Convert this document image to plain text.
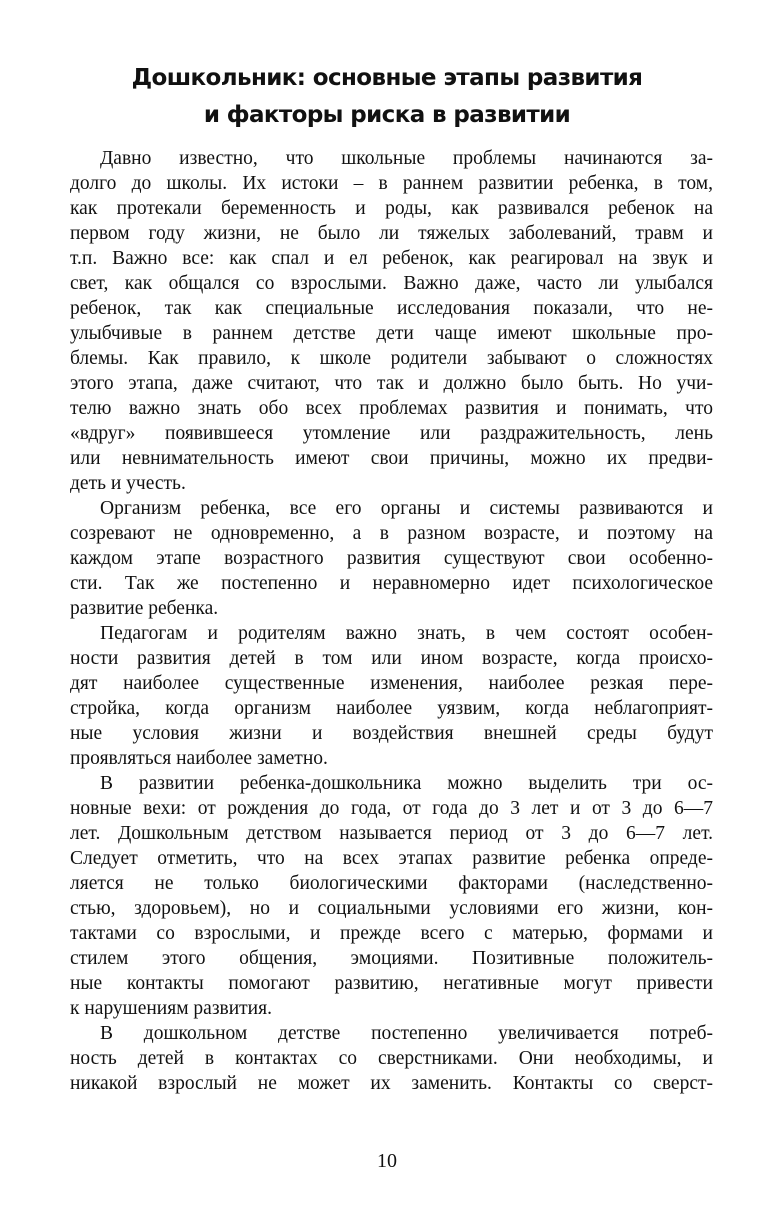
Дошкольник: основные этапы развития
и факторы риска в развитии
Давно известно, что школьные проблемы начинаются за-
долго до школы. Их истоки – в раннем развитии ребенка, в том,
как протекали беременность и роды, как развивался ребенок на
первом году жизни, не было ли тяжелых заболеваний, травм и
т.п. Важно все: как спал и ел ребенок, как реагировал на звук и
свет, как общался со взрослыми. Важно даже, часто ли улыбался
ребенок, так как специальные исследования показали, что не-
улыбчивые в раннем детстве дети чаще имеют школьные про-
блемы. Как правило, к школе родители забывают о сложностях
этого этапа, даже считают, что так и должно было быть. Но учи-
телю важно знать обо всех проблемах развития и понимать, что
«вдруг» появившееся утомление или раздражительность, лень
или невнимательность имеют свои причины, можно их предви-
деть и учесть.
Организм ребенка, все его органы и системы развиваются и
созревают не одновременно, а в разном возрасте, и поэтому на
каждом этапе возрастного развития существуют свои особенно-
сти. Так же постепенно и неравномерно идет психологическое
развитие ребенка.
Педагогам и родителям важно знать, в чем состоят особен-
ности развития детей в том или ином возрасте, когда происхо-
дят наиболее существенные изменения, наиболее резкая пере-
стройка, когда организм наиболее уязвим, когда неблагоприят-
ные условия жизни и воздействия внешней среды будут
проявляться наиболее заметно.
В развитии ребенка-дошкольника можно выделить три ос-
новные вехи: от рождения до года, от года до 3 лет и от 3 до 6—7
лет. Дошкольным детством называется период от 3 до 6—7 лет.
Следует отметить, что на всех этапах развитие ребенка опреде-
ляется не только биологическими факторами (наследственно-
стью, здоровьем), но и социальными условиями его жизни, кон-
тактами со взрослыми, и прежде всего с матерью, формами и
стилем этого общения, эмоциями. Позитивные положитель-
ные контакты помогают развитию, негативные могут привести
к нарушениям развития.
В дошкольном детстве постепенно увеличивается потреб-
ность детей в контактах со сверстниками. Они необходимы, и
никакой взрослый не может их заменить. Контакты со сверст-
10
